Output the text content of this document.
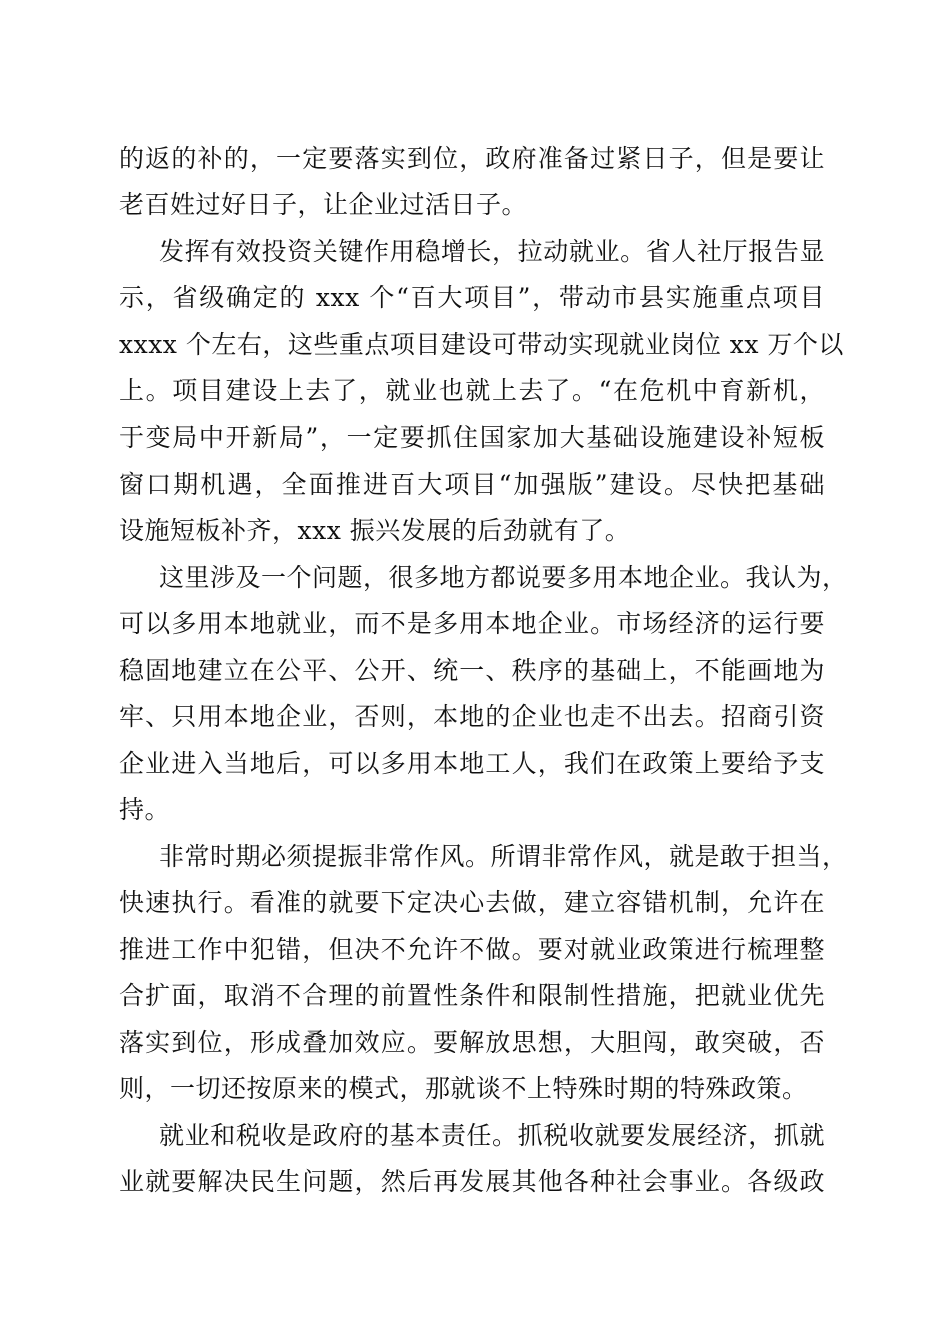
的返的补的，一定要落实到位，政府准备过紧日子，但是要让
老百姓过好日子，让企业过活日子。
发挥有效投资关键作用稳增长，拉动就业。省人社厅报告显
示，省级确定的 xxx 个“百大项目”，带动市县实施重点项目
xxxx 个左右，这些重点项目建设可带动实现就业岗位 xx 万个以
上。项目建设上去了，就业也就上去了。“在危机中育新机，
于变局中开新局”，一定要抓住国家加大基础设施建设补短板
窗口期机遇，全面推进百大项目“加强版”建设。尽快把基础
设施短板补齐，xxx 振兴发展的后劲就有了。
这里涉及一个问题，很多地方都说要多用本地企业。我认为，
可以多用本地就业，而不是多用本地企业。市场经济的运行要
稳固地建立在公平、公开、统一、秩序的基础上，不能画地为
牢、只用本地企业，否则，本地的企业也走不出去。招商引资
企业进入当地后，可以多用本地工人，我们在政策上要给予支
持。
非常时期必须提振非常作风。所谓非常作风，就是敢于担当，
快速执行。看准的就要下定决心去做，建立容错机制，允许在
推进工作中犯错，但决不允许不做。要对就业政策进行梳理整
合扩面，取消不合理的前置性条件和限制性措施，把就业优先
落实到位，形成叠加效应。要解放思想，大胆闯，敢突破，否
则，一切还按原来的模式，那就谈不上特殊时期的特殊政策。
就业和税收是政府的基本责任。抓税收就要发展经济，抓就
业就要解决民生问题，然后再发展其他各种社会事业。各级政
